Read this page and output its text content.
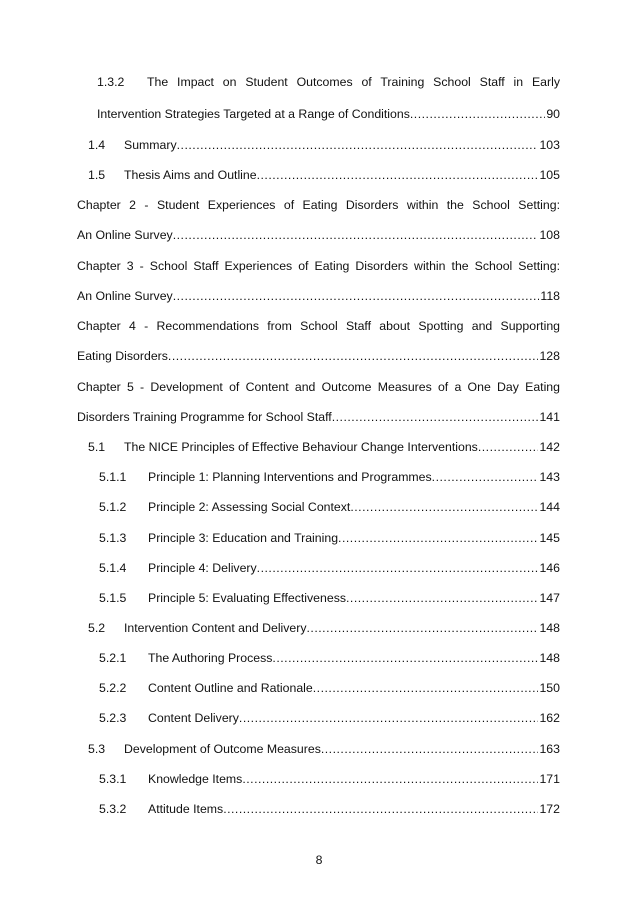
1.3.2 The Impact on Student Outcomes of Training School Staff in Early
Intervention Strategies Targeted at a Range of Conditions .....	90
1.4 Summary .....	103
1.5 Thesis Aims and Outline .....	105
Chapter 2 - Student Experiences of Eating Disorders within the School Setting:
An Online Survey .....	108
Chapter 3 - School Staff Experiences of Eating Disorders within the School Setting:
An Online Survey .....	118
Chapter 4 - Recommendations from School Staff about Spotting and Supporting
Eating Disorders .....	128
Chapter 5 - Development of Content and Outcome Measures of a One Day Eating
Disorders Training Programme for School Staff .....	141
5.1 The NICE Principles of Effective Behaviour Change Interventions .....	142
5.1.1 Principle 1: Planning Interventions and Programmes .....	143
5.1.2 Principle 2: Assessing Social Context .....	144
5.1.3 Principle 3: Education and Training .....	145
5.1.4 Principle 4: Delivery .....	146
5.1.5 Principle 5: Evaluating Effectiveness .....	147
5.2 Intervention Content and Delivery .....	148
5.2.1 The Authoring Process .....	148
5.2.2 Content Outline and Rationale .....	150
5.2.3 Content Delivery .....	162
5.3 Development of Outcome Measures .....	163
5.3.1 Knowledge Items .....	171
5.3.2 Attitude Items .....	172
8
